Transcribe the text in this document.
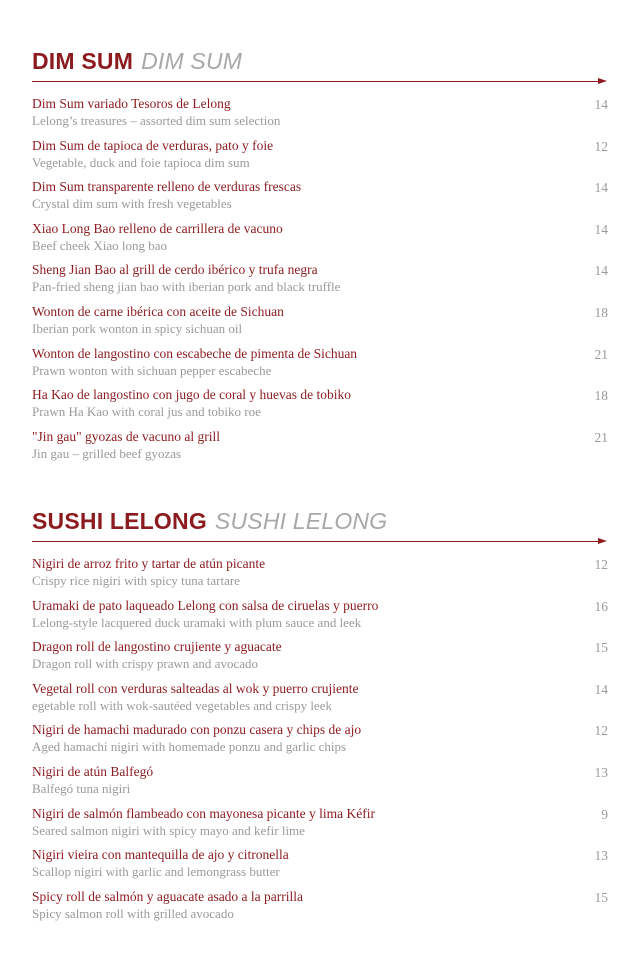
DIM SUM DIM SUM
Dim Sum variado Tesoros de Lelong
Lelong’s treasures – assorted dim sum selection
14
Dim Sum de tapioca de verduras, pato y foie
Vegetable, duck and foie tapioca dim sum
12
Dim Sum transparente relleno de verduras frescas
Crystal dim sum with fresh vegetables
14
Xiao Long Bao relleno de carrillera de vacuno
Beef cheek Xiao long bao
14
Sheng Jian Bao al grill de cerdo ibérico y trufa negra
Pan-fried sheng jian bao with iberian pork and black truffle
14
Wonton de carne ibérica con aceite de Sichuan
Iberian pork wonton in spicy sichuan oil
18
Wonton de langostino con escabeche de pimenta de Sichuan
Prawn wonton with sichuan pepper escabeche
21
Ha Kao de langostino con jugo de coral y huevas de tobiko
Prawn Ha Kao with coral jus and tobiko roe
18
"Jin gau" gyozas de vacuno al grill
Jin gau – grilled beef gyozas
21
SUSHI LELONG SUSHI LELONG
Nigiri de arroz frito y tartar de atún picante
Crispy rice nigiri with spicy tuna tartare
12
Uramaki de pato laqueado Lelong con salsa de ciruelas y puerro
Lelong-style lacquered duck uramaki with plum sauce and leek
16
Dragon roll de langostino crujiente y aguacate
Dragon roll with crispy prawn and avocado
15
Vegetal roll con verduras salteadas al wok y puerro crujiente
egetable roll with wok-sautéed vegetables and crispy leek
14
Nigiri de hamachi madurado con ponzu casera y chips de ajo
Aged hamachi nigiri with homemade ponzu and garlic chips
12
Nigiri de atún Balfegó
Balfegó tuna nigiri
13
Nigiri de salmón flambeado con mayonesa picante y lima Kéfir
Seared salmon nigiri with spicy mayo and kefir lime
9
Nigiri vieira con mantequilla de ajo y citronella
Scallop nigiri with garlic and lemongrass butter
13
Spicy roll de salmón y aguacate asado a la parrilla
Spicy salmon roll with grilled avocado
15
